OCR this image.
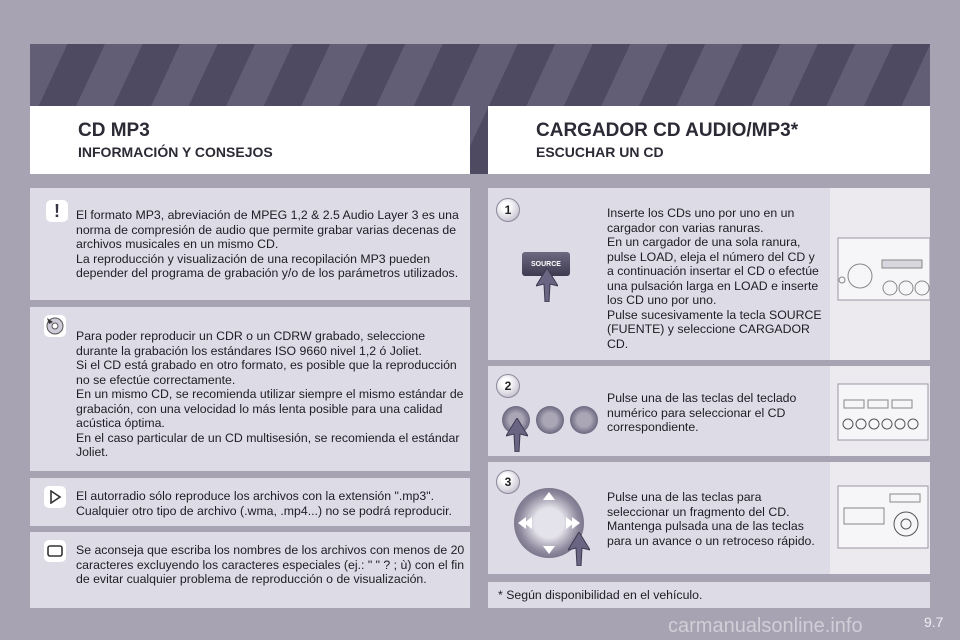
CD MP3
INFORMACIÓN Y CONSEJOS
CARGADOR CD AUDIO/MP3*
ESCUCHAR UN CD
!	El formato MP3, abreviación de MPEG 1,2 & 2.5 Audio Layer 3 es una norma de compresión de audio que permite grabar varias decenas de archivos musicales en un mismo CD.
La reproducción y visualización de una recopilación MP3 pueden depender del programa de grabación y/o de los parámetros utilizados.
Para poder reproducir un CDR o un CDRW grabado, seleccione durante la grabación los estándares ISO 9660 nivel 1,2 ó Joliet.
Si el CD está grabado en otro formato, es posible que la reproducción no se efectúe correctamente.
En un mismo CD, se recomienda utilizar siempre el mismo estándar de grabación, con una velocidad lo más lenta posible para una calidad acústica óptima.
En el caso particular de un CD multisesión, se recomienda el estándar Joliet.
El autorradio sólo reproduce los archivos con la extensión ".mp3".
Cualquier otro tipo de archivo (.wma, .mp4...) no se podrá reproducir.
Se aconseja que escriba los nombres de los archivos con menos de 20 caracteres excluyendo los caracteres especiales (ej.: " " ? ; ù) con el fin de evitar cualquier problema de reproducción o de visualización.
1
SOURCE
Inserte los CDs uno por uno en un cargador con varias ranuras.
En un cargador de una sola ranura, pulse LOAD, eleja el número del CD y a continuación insertar el CD o efectúe una pulsación larga en LOAD e inserte los CD uno por uno.
Pulse sucesivamente la tecla SOURCE (FUENTE) y seleccione CARGADOR CD.
2
Pulse una de las teclas del teclado numérico para seleccionar el CD correspondiente.
3
Pulse una de las teclas para seleccionar un fragmento del CD. Mantenga pulsada una de las teclas para un avance o un retroceso rápido.
* Según disponibilidad en el vehículo.
carmanualsonline.info	9.7
